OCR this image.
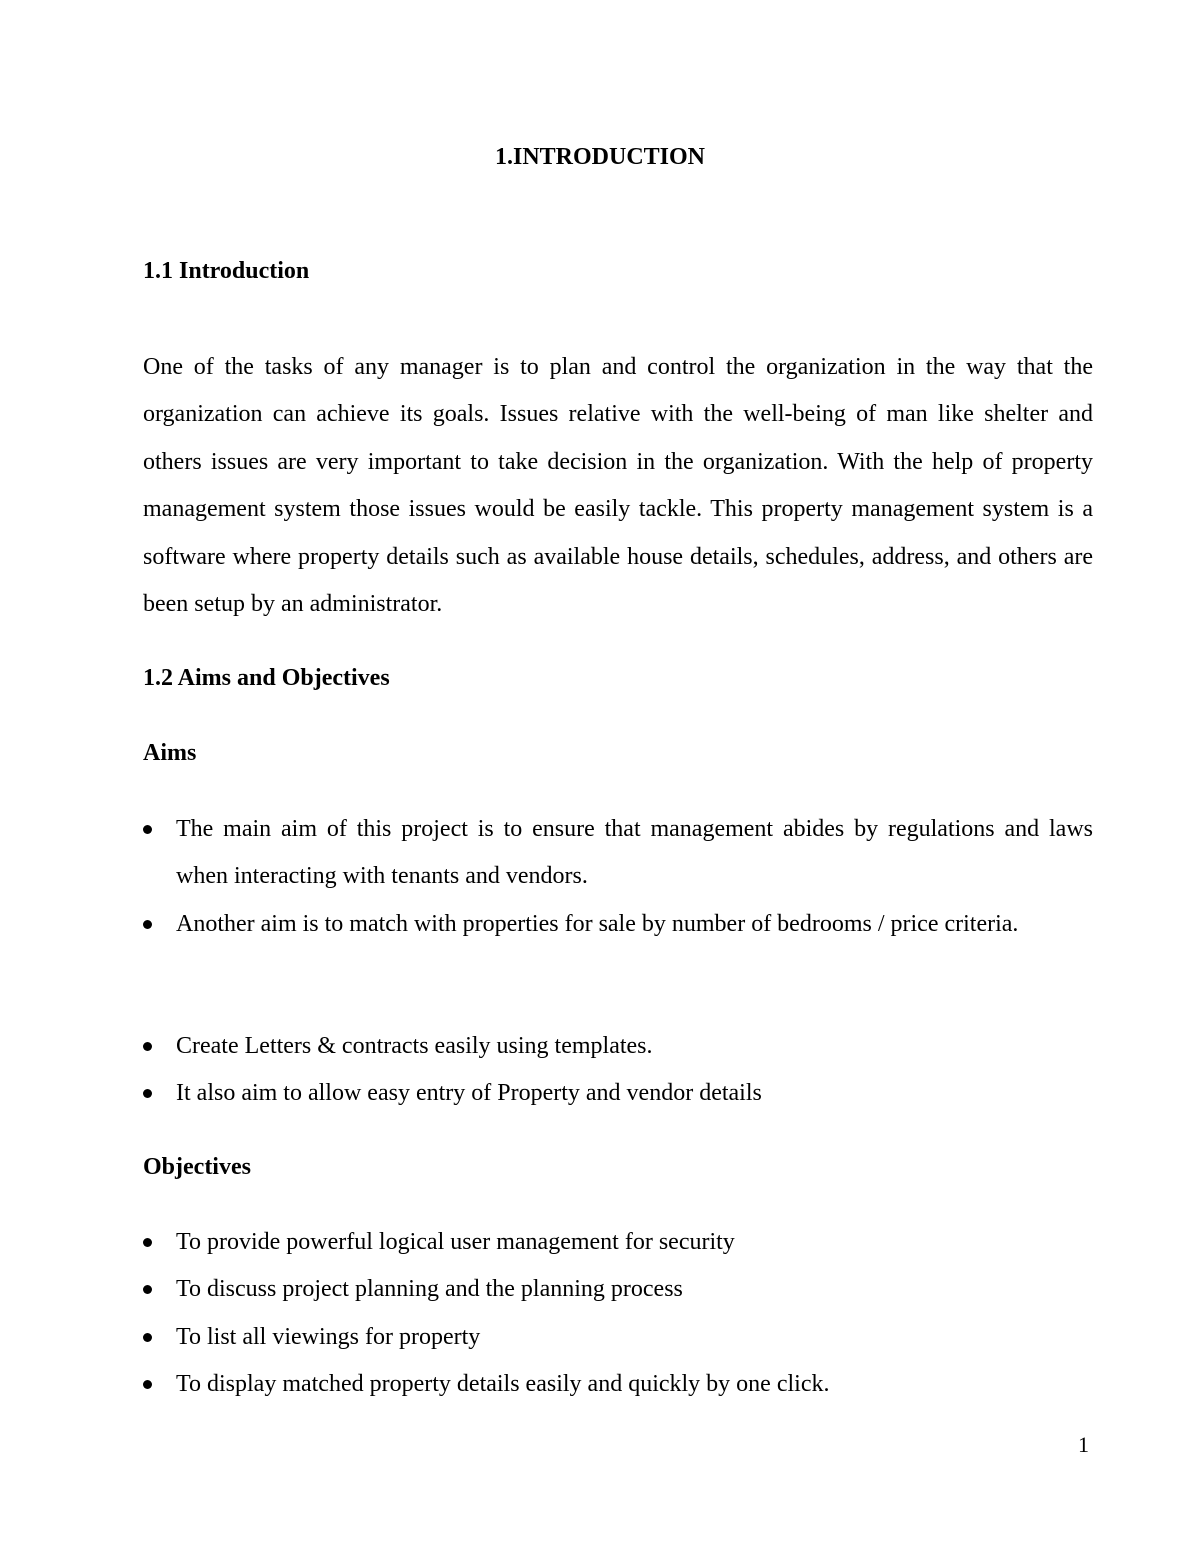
1.INTRODUCTION
1.1 Introduction

One of the tasks of any manager is to plan and control the organization in the way that the organization can achieve its goals. Issues relative with the well-being of man like shelter and others issues are very important to take decision in the organization. With the help of property management system those issues would be easily tackle. This property management system is a software where property details such as available house details, schedules, address, and others are been setup by an administrator.

1.2 Aims and Objectives
Aims
The main aim of this project is to ensure that management abides by regulations and laws when interacting with tenants and vendors.
Another aim is to match with properties for sale by number of bedrooms / price criteria.
Create Letters & contracts easily using templates.
It also aim to allow easy entry of Property and vendor details
Objectives
To provide powerful logical user management for security
To discuss project planning and the planning process
To list all viewings for property
To display matched property details easily and quickly by one click.

1
